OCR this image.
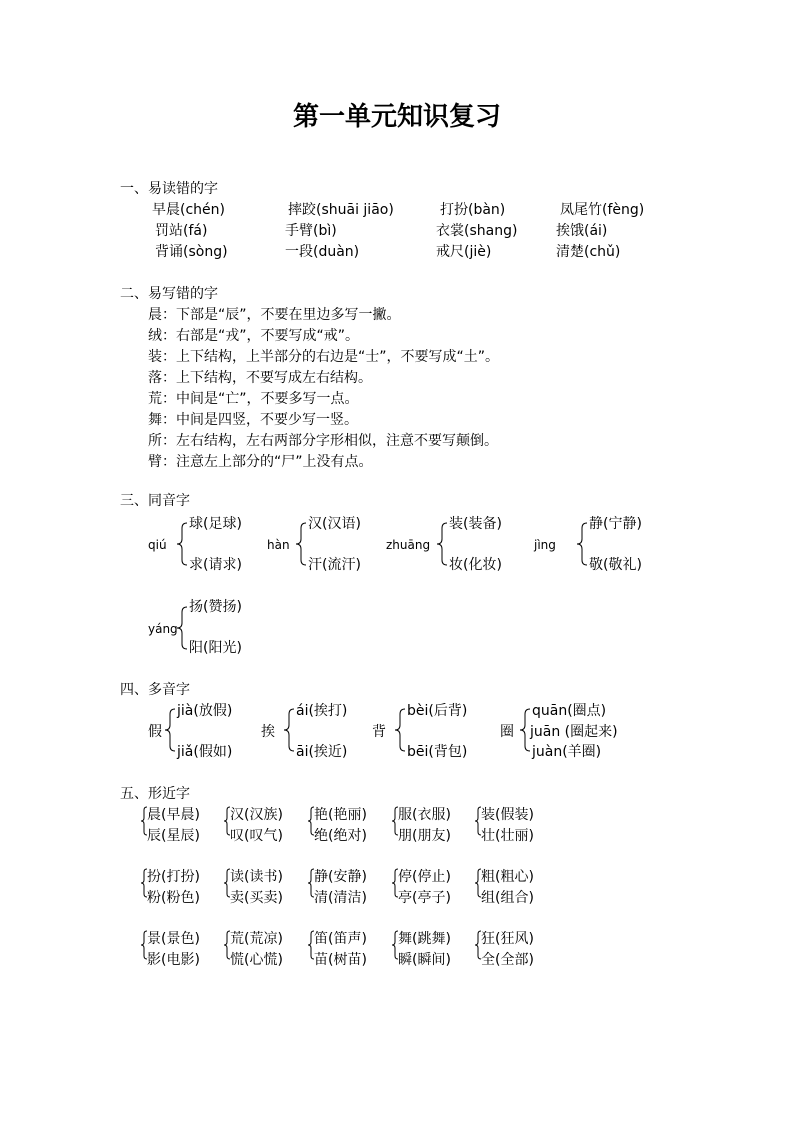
第一单元知识复习
一、易读错的字
早晨(chén)	摔跤(shuāi jiāo)	打扮(bàn)	凤尾竹(fèng)
罚站(fá)	手臂(bì)	衣裳(shang)	挨饿(ái)
背诵(sòng)	一段(duàn)	戒尺(jiè)	清楚(chǔ)
二、易写错的字
晨：下部是“辰”，不要在里边多写一撇。
绒：右部是“戎”，不要写成“戒”。
装：上下结构，上半部分的右边是“士”，不要写成“土”。
落：上下结构，不要写成左右结构。
荒：中间是“亡”，不要多写一点。
舞：中间是四竖，不要少写一竖。
所：左右结构，左右两部分字形相似，注意不要写颠倒。
臂：注意左上部分的“尸”上没有点。
三、同音字
qiú
球(足球)
求(请求)
hàn
汉(汉语)
汗(流汗)
zhuāng
装(装备)
妆(化妆)
jìng
静(宁静)
敬(敬礼)
yáng
扬(赞扬)
阳(阳光)
四、多音字
假
jià(放假)
jiǎ(假如)
挨
ái(挨打)
āi(挨近)
背
bèi(后背)
bēi(背包)
圈
quān(圈点)
juān (圈起来)
juàn(羊圈)
五、形近字
晨(早晨)
辰(星辰)
汉(汉族)
叹(叹气)
艳(艳丽)
绝(绝对)
服(衣服)
朋(朋友)
装(假装)
壮(壮丽)
扮(打扮)
粉(粉色)
读(读书)
卖(买卖)
静(安静)
清(清洁)
停(停止)
亭(亭子)
粗(粗心)
组(组合)
景(景色)
影(电影)
荒(荒凉)
慌(心慌)
笛(笛声)
苗(树苗)
舞(跳舞)
瞬(瞬间)
狂(狂风)
全(全部)
